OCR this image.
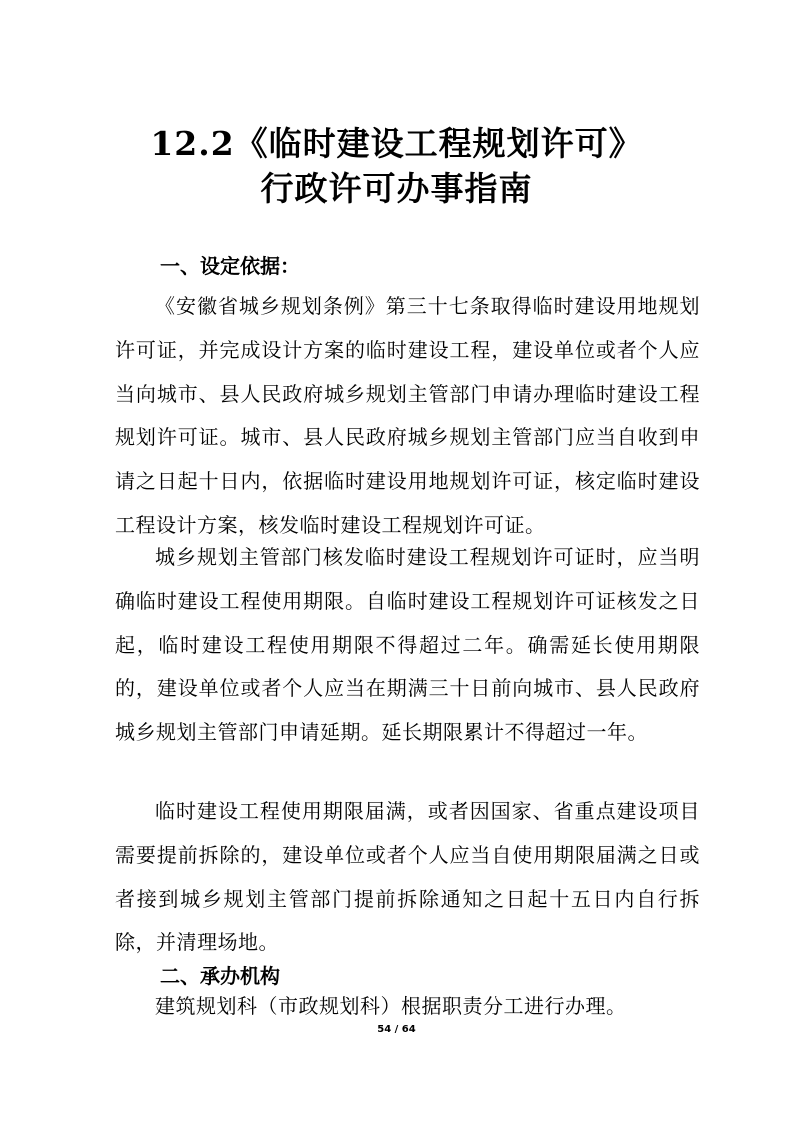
12.2《临时建设工程规划许可》
行政许可办事指南
一、设定依据：

《安徽省城乡规划条例》第三十七条取得临时建设用地规划许可证，并完成设计方案的临时建设工程，建设单位或者个人应当向城市、县人民政府城乡规划主管部门申请办理临时建设工程规划许可证。城市、县人民政府城乡规划主管部门应当自收到申请之日起十日内，依据临时建设用地规划许可证，核定临时建设工程设计方案，核发临时建设工程规划许可证。

城乡规划主管部门核发临时建设工程规划许可证时，应当明确临时建设工程使用期限。自临时建设工程规划许可证核发之日起，临时建设工程使用期限不得超过二年。确需延长使用期限的，建设单位或者个人应当在期满三十日前向城市、县人民政府城乡规划主管部门申请延期。延长期限累计不得超过一年。

临时建设工程使用期限届满，或者因国家、省重点建设项目需要提前拆除的，建设单位或者个人应当自使用期限届满之日或者接到城乡规划主管部门提前拆除通知之日起十五日内自行拆除，并清理场地。

二、承办机构

建筑规划科（市政规划科）根据职责分工进行办理。

54 / 64
